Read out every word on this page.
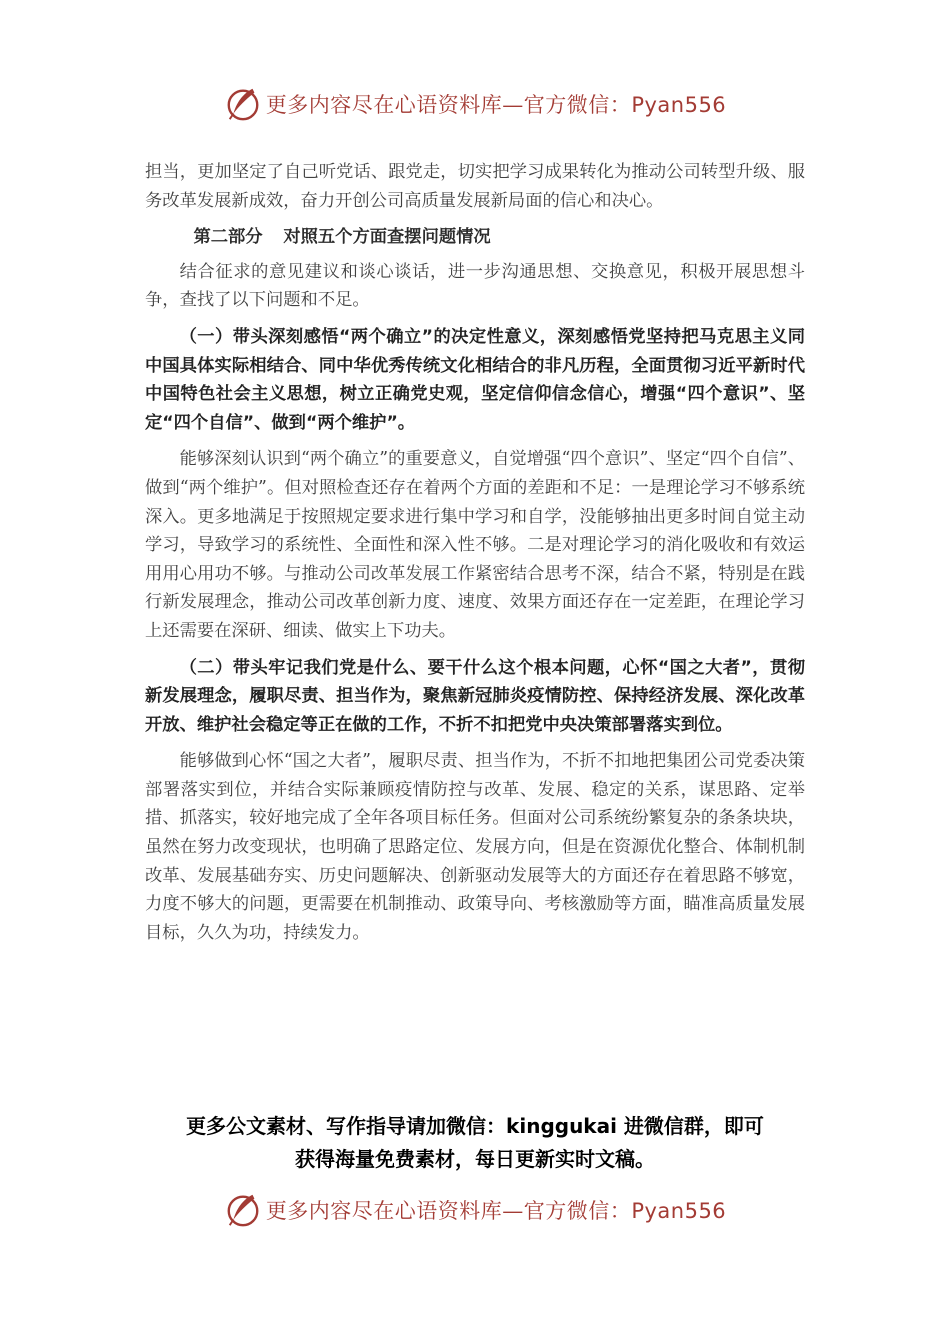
更多内容尽在心语资料库—官方微信：Pyan556

担当，更加坚定了自己听党话、跟党走，切实把学习成果转化为推动公司转型升级、服务改革发展新成效，奋力开创公司高质量发展新局面的信心和决心。

第二部分 对照五个方面查摆问题情况

结合征求的意见建议和谈心谈话，进一步沟通思想、交换意见，积极开展思想斗争，查找了以下问题和不足。

（一）带头深刻感悟“两个确立”的决定性意义，深刻感悟党坚持把马克思主义同中国具体实际相结合、同中华优秀传统文化相结合的非凡历程，全面贯彻习近平新时代中国特色社会主义思想，树立正确党史观，坚定信仰信念信心，增强“四个意识”、坚定“四个自信”、做到“两个维护”。

能够深刻认识到“两个确立”的重要意义，自觉增强“四个意识”、坚定“四个自信”、做到“两个维护”。但对照检查还存在着两个方面的差距和不足：一是理论学习不够系统深入。更多地满足于按照规定要求进行集中学习和自学，没能够抽出更多时间自觉主动学习，导致学习的系统性、全面性和深入性不够。二是对理论学习的消化吸收和有效运用用心用功不够。与推动公司改革发展工作紧密结合思考不深，结合不紧，特别是在践行新发展理念，推动公司改革创新力度、速度、效果方面还存在一定差距，在理论学习上还需要在深研、细读、做实上下功夫。

（二）带头牢记我们党是什么、要干什么这个根本问题，心怀“国之大者”，贯彻新发展理念，履职尽责、担当作为，聚焦新冠肺炎疫情防控、保持经济发展、深化改革开放、维护社会稳定等正在做的工作，不折不扣把党中央决策部署落实到位。

能够做到心怀“国之大者”，履职尽责、担当作为，不折不扣地把集团公司党委决策部署落实到位，并结合实际兼顾疫情防控与改革、发展、稳定的关系，谋思路、定举措、抓落实，较好地完成了全年各项目标任务。但面对公司系统纷繁复杂的条条块块，虽然在努力改变现状，也明确了思路定位、发展方向，但是在资源优化整合、体制机制改革、发展基础夯实、历史问题解决、创新驱动发展等大的方面还存在着思路不够宽，力度不够大的问题，更需要在机制推动、政策导向、考核激励等方面，瞄准高质量发展目标，久久为功，持续发力。

更多公文素材、写作指导请加微信：kinggukai 进微信群，即可
获得海量免费素材，每日更新实时文稿。
更多内容尽在心语资料库—官方微信：Pyan556
